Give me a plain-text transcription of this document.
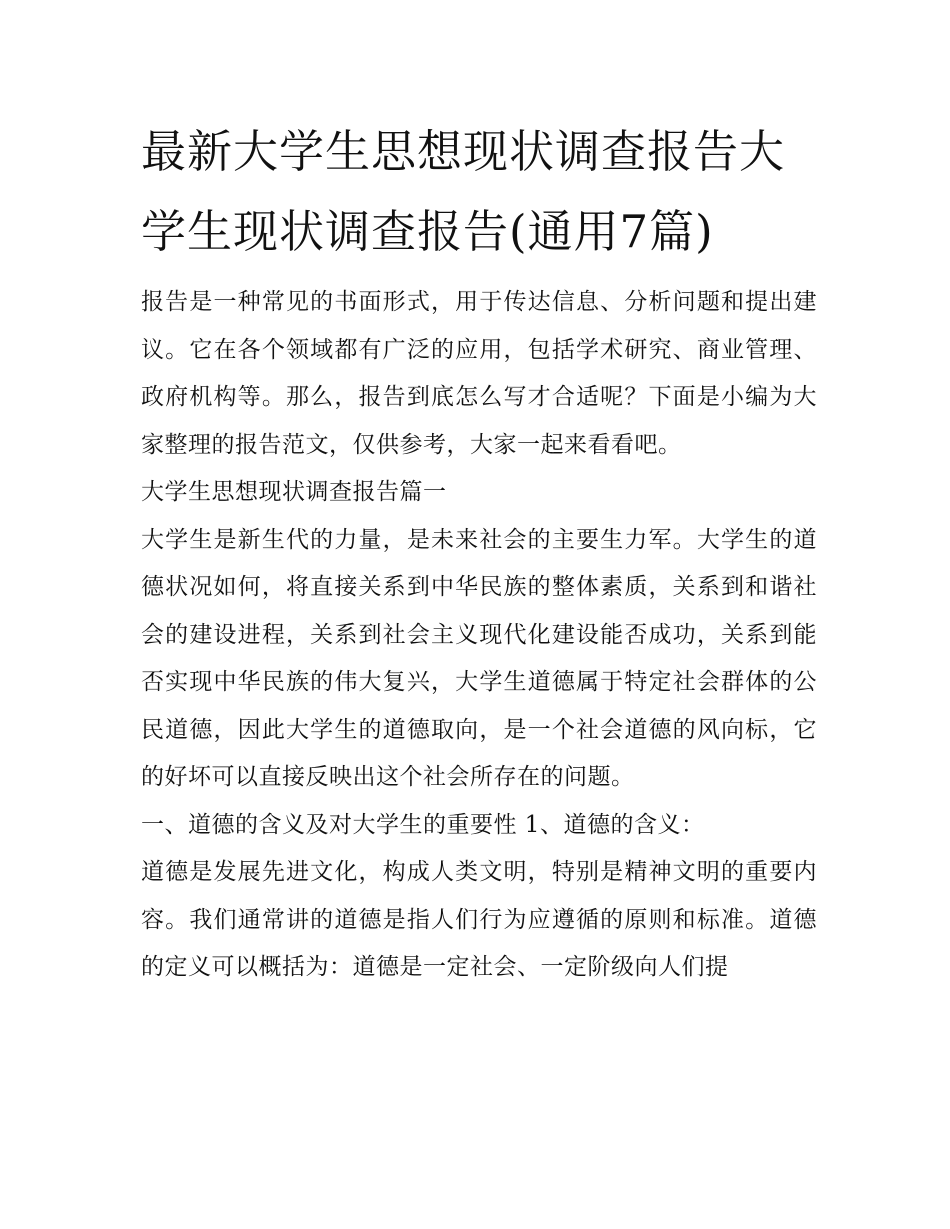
最新大学生思想现状调查报告大学生现状调查报告(通用7篇)

报告是一种常见的书面形式，用于传达信息、分析问题和提出建议。它在各个领域都有广泛的应用，包括学术研究、商业管理、政府机构等。那么，报告到底怎么写才合适呢？下面是小编为大家整理的报告范文，仅供参考，大家一起来看看吧。

大学生思想现状调查报告篇一

大学生是新生代的力量，是未来社会的主要生力军。大学生的道德状况如何，将直接关系到中华民族的整体素质，关系到和谐社会的建设进程，关系到社会主义现代化建设能否成功，关系到能否实现中华民族的伟大复兴，大学生道德属于特定社会群体的公民道德，因此大学生的道德取向，是一个社会道德的风向标，它的好坏可以直接反映出这个社会所存在的问题。

一、道德的含义及对大学生的重要性 1、道德的含义：

道德是发展先进文化，构成人类文明，特别是精神文明的重要内容。我们通常讲的道德是指人们行为应遵循的原则和标准。道德的定义可以概括为：道德是一定社会、一定阶级向人们提
